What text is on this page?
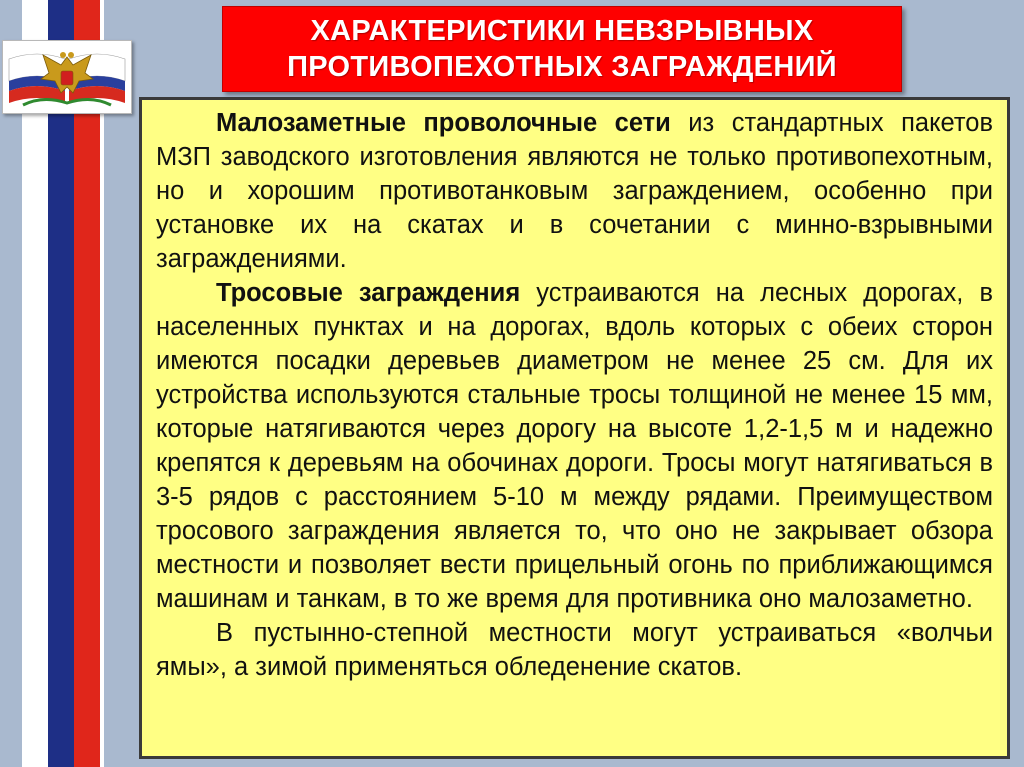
ХАРАКТЕРИСТИКИ НЕВЗРЫВНЫХ
ПРОТИВОПЕХОТНЫХ ЗАГРАЖДЕНИЙ

Малозаметные проволочные сети из стандартных пакетов МЗП заводского изготовления являются не только противопехотным, но и хорошим противотанковым заграждением, особенно при установке их на скатах и в сочетании с минно-взрывными заграждениями.

Тросовые заграждения устраиваются на лесных дорогах, в населенных пунктах и на дорогах, вдоль которых с обеих сторон имеются посадки деревьев диаметром не менее 25 см. Для их устройства используются стальные тросы толщиной не менее 15 мм, которые натягиваются через дорогу на высоте 1,2-1,5 м и надежно крепятся к деревьям на обочинах дороги. Тросы могут натягиваться в 3-5 рядов с расстоянием 5-10 м между рядами. Преимуществом тросового заграждения является то, что оно не закрывает обзора местности и позволяет вести прицельный огонь по приближающимся машинам и танкам, в то же время для противника оно малозаметно.

В пустынно-степной местности могут устраиваться «волчьи ямы», а зимой применяться обледенение скатов.
